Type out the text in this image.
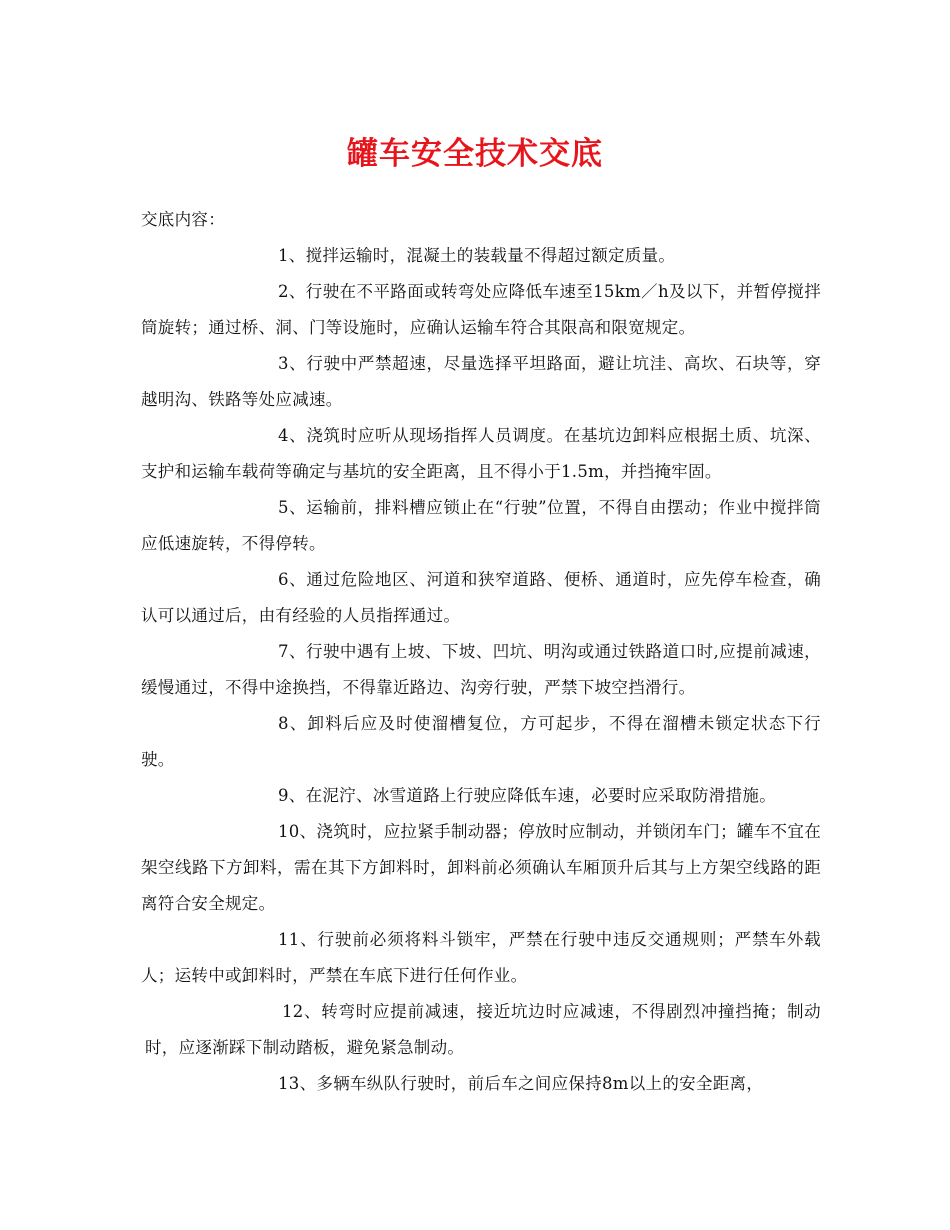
罐车安全技术交底

交底内容：

1、搅拌运输时，混凝土的装载量不得超过额定质量。

2、行驶在不平路面或转弯处应降低车速至15km／h及以下，并暂停搅拌筒旋转；通过桥、洞、门等设施时，应确认运输车符合其限高和限宽规定。

3、行驶中严禁超速，尽量选择平坦路面，避让坑洼、高坎、石块等，穿越明沟、铁路等处应减速。

4、浇筑时应听从现场指挥人员调度。在基坑边卸料应根据土质、坑深、支护和运输车载荷等确定与基坑的安全距离，且不得小于1.5m，并挡掩牢固。

5、运输前，排料槽应锁止在“行驶”位置，不得自由摆动；作业中搅拌筒应低速旋转，不得停转。

6、通过危险地区、河道和狭窄道路、便桥、通道时，应先停车检查，确认可以通过后，由有经验的人员指挥通过。

7、行驶中遇有上坡、下坡、凹坑、明沟或通过铁路道口时,应提前减速，缓慢通过，不得中途换挡，不得靠近路边、沟旁行驶，严禁下坡空挡滑行。

8、卸料后应及时使溜槽复位，方可起步，不得在溜槽未锁定状态下行驶。

9、在泥泞、冰雪道路上行驶应降低车速，必要时应采取防滑措施。

10、浇筑时，应拉紧手制动器；停放时应制动，并锁闭车门；罐车不宜在架空线路下方卸料，需在其下方卸料时，卸料前必须确认车厢顶升后其与上方架空线路的距离符合安全规定。

11、行驶前必须将料斗锁牢，严禁在行驶中违反交通规则；严禁车外载人；运转中或卸料时，严禁在车底下进行任何作业。

12、转弯时应提前减速，接近坑边时应减速，不得剧烈冲撞挡掩；制动时，应逐渐踩下制动踏板，避免紧急制动。

13、多辆车纵队行驶时，前后车之间应保持8m以上的安全距离，
